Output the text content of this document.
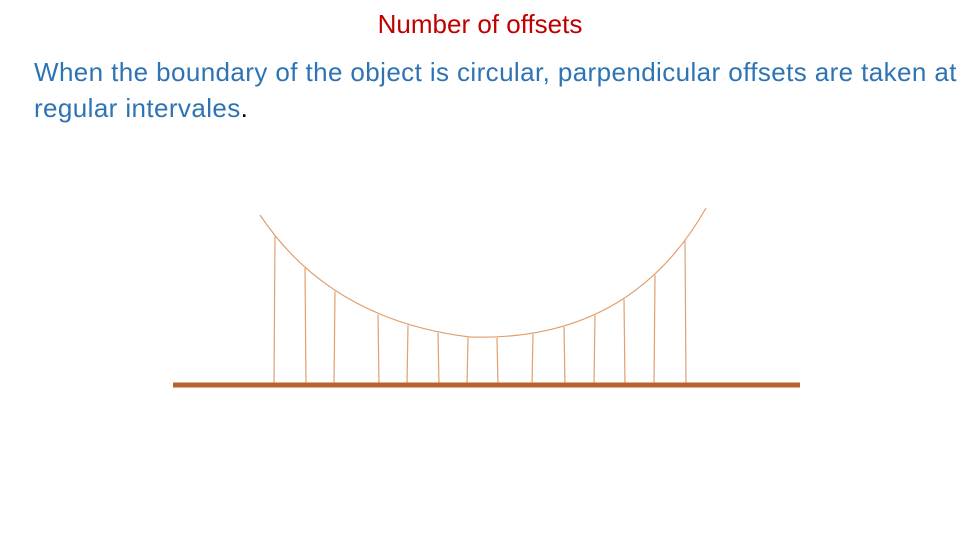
Number of offsets
When the boundary of the object is circular, parpendicular offsets are taken at regular intervales.
